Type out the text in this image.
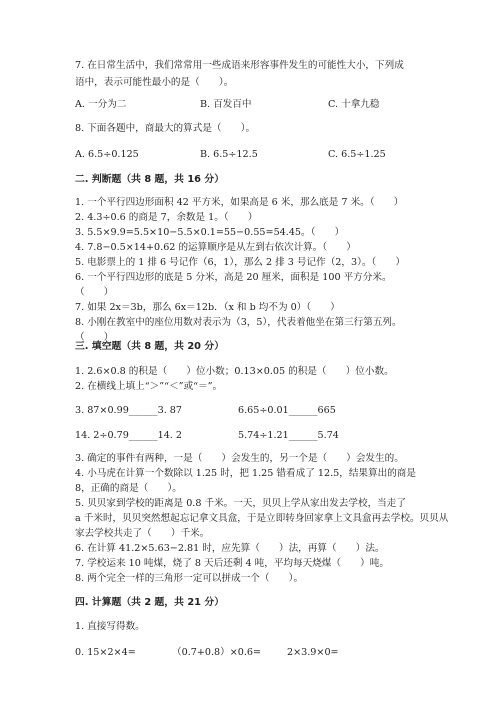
7. 在日常生活中，我们常常用一些成语来形容事件发生的可能性大小，下列成
语中，表示可能性最小的是（　　）。
A. 一分为二	B. 百发百中	C. 十拿九稳
8. 下面各题中，商最大的算式是（　　）。
A. 6.5÷0.125	B. 6.5÷12.5	C. 6.5÷1.25
二. 判断题（共 8 题，共 16 分）
1. 一个平行四边形面积 42 平方米，如果高是 6 米，那么底是 7 米。（　　）
2. 4.3÷0.6 的商是 7，余数是 1。（　　）
3. 5.5×9.9=5.5×10−5.5×0.1=55−0.55=54.45。（　　）
4. 7.8−0.5×14+0.62 的运算顺序是从左到右依次计算。（　　）
5. 电影票上的 1 排 6 号记作（6，1），那么 2 排 3 号记作（2，3）。（　　）
6. 一个平行四边形的底是 5 分米，高是 20 厘米，面积是 100 平方分米。
（　　）
7. 如果 2x＝3b，那么 6x＝12b．（x 和 b 均不为 0）（　　）
8. 小刚在教室中的座位用数对表示为（3，5），代表着他坐在第三行第五列。
（　　）
三. 填空题（共 8 题，共 20 分）
1. 2.6×0.8 的积是（　　）位小数；0.13×0.05 的积是（　　）位小数。
2. 在横线上填上“＞”“＜”或“＝”。
3. 87×0.99______3. 87	6.65÷0.01______665
14. 2÷0.79______14. 2	5.74÷1.21______5.74
3. 确定的事件有两种，一是（　　）会发生的，另一个是（　　）会发生的。
4. 小马虎在计算一个数除以 1.25 时，把 1.25 错看成了 12.5，结果算出的商是
8，正确的商是（　　）。
5. 贝贝家到学校的距离是 0.8 千米。一天，贝贝上学从家出发去学校，当走了
a 千米时，贝贝突然想起忘记拿文具盒，于是立即转身回家拿上文具盒再去学校。贝贝从
家去学校共走了（　　）千米。
6. 在计算 41.2×5.63−2.81 时，应先算（　　）法，再算（　　）法。
7. 学校运来 10 吨煤，烧了 8 天后还剩 4 吨，平均每天烧煤（　　）吨。
8. 两个完全一样的三角形一定可以拼成一个（　　）。
四. 计算题（共 2 题，共 21 分）
1. 直接写得数。
0. 15×2×4=	（0.7+0.8）×0.6=	2×3.9×0=
